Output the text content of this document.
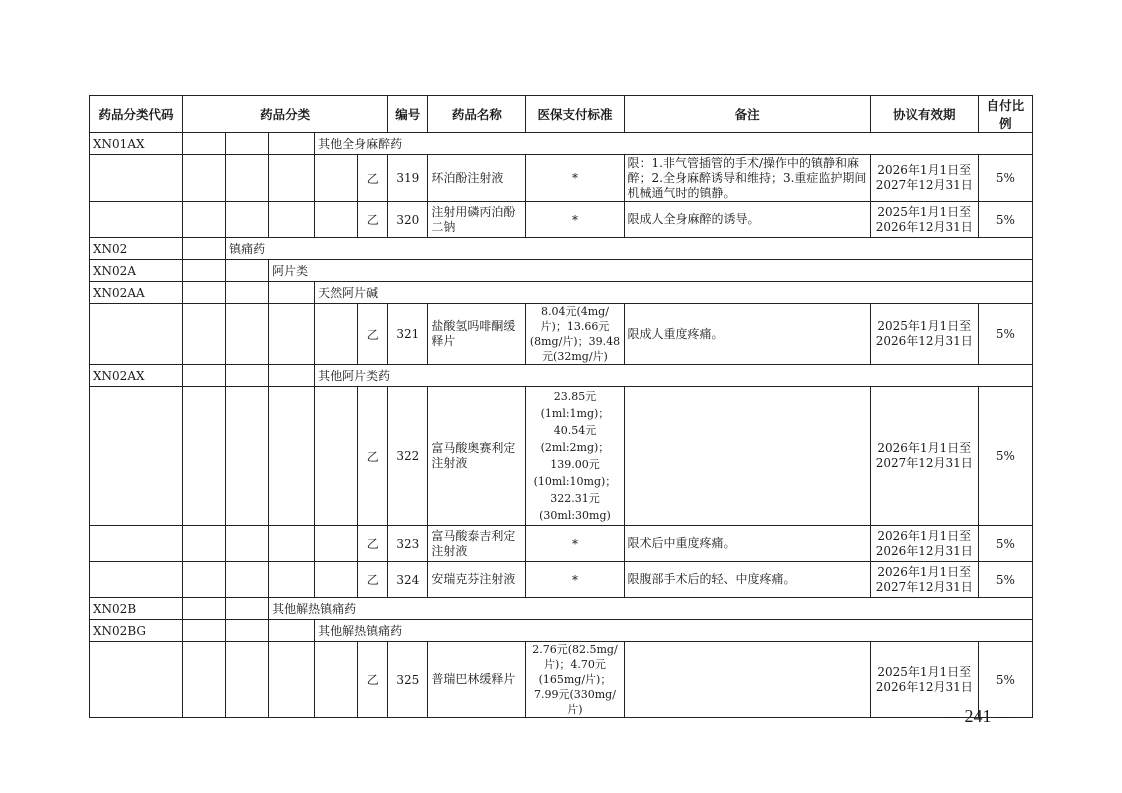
药品分类代码	药品分类					编号	药品名称	医保支付标准	备注	协议有效期	自付比例
XN01AX				其他全身麻醉药							
					乙	319	环泊酚注射液	*	限：1.非气管插管的手术/操作中的镇静和麻醉；2.全身麻醉诱导和维持；3.重症监护期间机械通气时的镇静。	2026年1月1日至2027年12月31日	5%
					乙	320	注射用磷丙泊酚二钠	*	限成人全身麻醉的诱导。	2025年1月1日至2026年12月31日	5%
XN02		镇痛药									
XN02A			阿片类								
XN02AA				天然阿片碱							
					乙	321	盐酸氢吗啡酮缓释片	8.04元(4mg/片)；13.66元(8mg/片)；39.48元(32mg/片)	限成人重度疼痛。	2025年1月1日至2026年12月31日	5%
XN02AX				其他阿片类药							
					乙	322	富马酸奥赛利定注射液	23.85元(1ml:1mg)；40.54元(2ml:2mg)；139.00元(10ml:10mg)；322.31元(30ml:30mg)		2026年1月1日至2027年12月31日	5%
					乙	323	富马酸泰吉利定注射液	*	限术后中重度疼痛。	2026年1月1日至2026年12月31日	5%
					乙	324	安瑞克芬注射液	*	限腹部手术后的轻、中度疼痛。	2026年1月1日至2027年12月31日	5%
XN02B			其他解热镇痛药								
XN02BG				其他解热镇痛药							
					乙	325	普瑞巴林缓释片	2.76元(82.5mg/片)；4.70元(165mg/片)；7.99元(330mg/片)		2025年1月1日至2026年12月31日	5%
— 241 —
